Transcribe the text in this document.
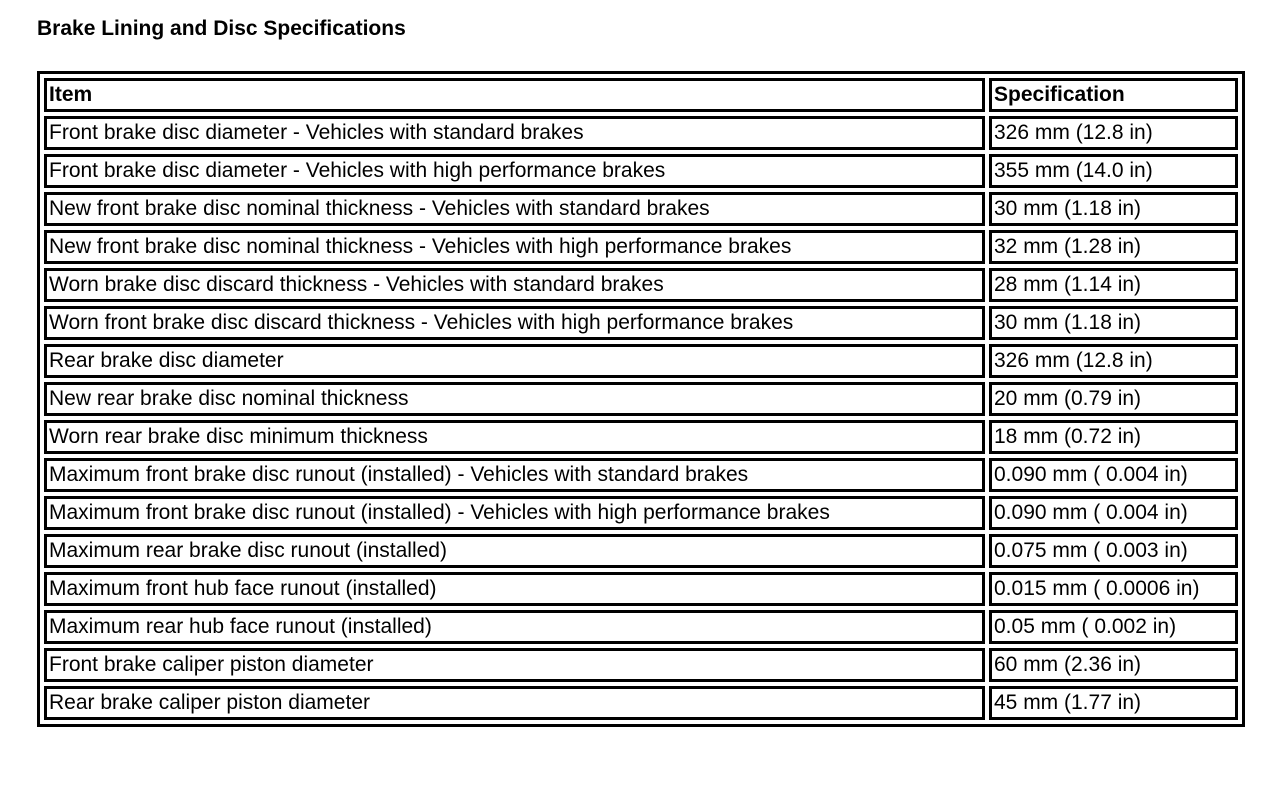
Brake Lining and Disc Specifications
Item	Specification
Front brake disc diameter - Vehicles with standard brakes	326 mm (12.8 in)
Front brake disc diameter - Vehicles with high performance brakes	355 mm (14.0 in)
New front brake disc nominal thickness - Vehicles with standard brakes	30 mm (1.18 in)
New front brake disc nominal thickness - Vehicles with high performance brakes	32 mm (1.28 in)
Worn brake disc discard thickness - Vehicles with standard brakes	28 mm (1.14 in)
Worn front brake disc discard thickness - Vehicles with high performance brakes	30 mm (1.18 in)
Rear brake disc diameter	326 mm (12.8 in)
New rear brake disc nominal thickness	20 mm (0.79 in)
Worn rear brake disc minimum thickness	18 mm (0.72 in)
Maximum front brake disc runout (installed) - Vehicles with standard brakes	0.090 mm ( 0.004 in)
Maximum front brake disc runout (installed) - Vehicles with high performance brakes	0.090 mm ( 0.004 in)
Maximum rear brake disc runout (installed)	0.075 mm ( 0.003 in)
Maximum front hub face runout (installed)	0.015 mm ( 0.0006 in)
Maximum rear hub face runout (installed)	0.05 mm ( 0.002 in)
Front brake caliper piston diameter	60 mm (2.36 in)
Rear brake caliper piston diameter	45 mm (1.77 in)
